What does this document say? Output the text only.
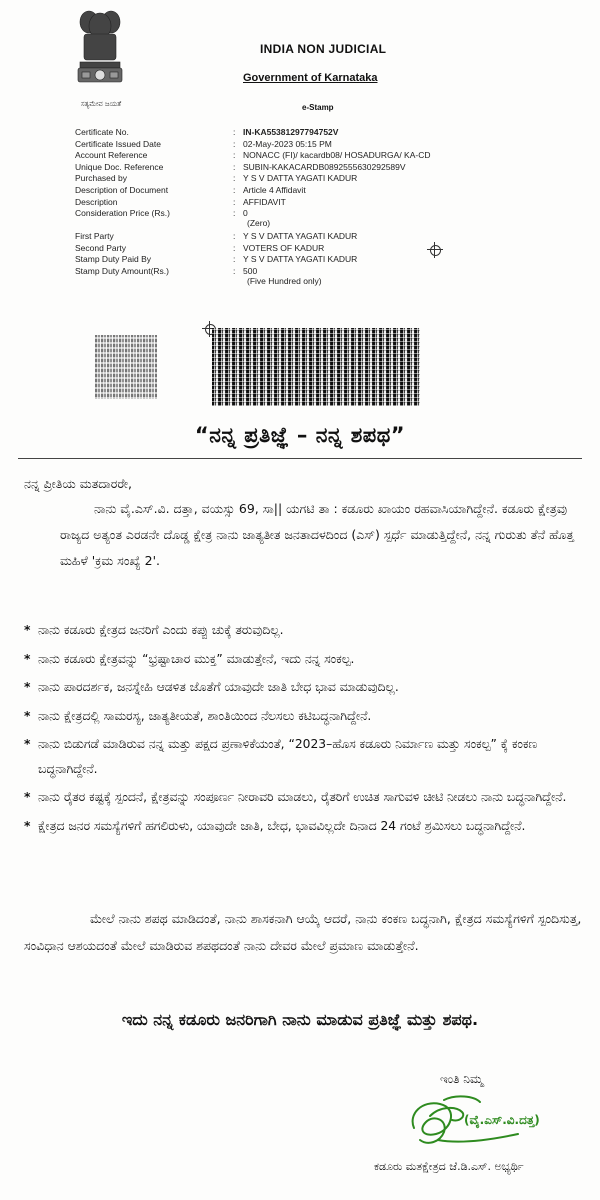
ಸತ್ಯಮೇವ ಜಯತೆ
INDIA NON JUDICIAL
Government of Karnataka
e-Stamp
Certificate No.	: IN-KA55381297794752V
Certificate Issued Date	: 02-May-2023 05:15 PM
Account Reference	: NONACC (FI)/ kacardb08/ HOSADURGA/ KA-CD
Unique Doc. Reference	: SUBIN-KAKACARDB0892555630292589V
Purchased by	: Y S V DATTA YAGATI KADUR
Description of Document	: Article 4 Affidavit
Description	: AFFIDAVIT
Consideration Price (Rs.)	: 0
(Zero)
First Party	: Y S V DATTA YAGATI KADUR
Second Party	: VOTERS OF KADUR
Stamp Duty Paid By	: Y S V DATTA YAGATI KADUR
Stamp Duty Amount(Rs.)	: 500
(Five Hundred only)
“ನನ್ನ ಪ್ರತಿಜ್ಞೆ – ನನ್ನ ಶಪಥ”
ನನ್ನ ಪ್ರೀತಿಯ ಮತದಾರರೇ,

ನಾನು ವೈ.ಎಸ್.ವಿ. ದತ್ತಾ, ವಯಸ್ಸು 69, ಸಾ|| ಯಗಟಿ ತಾ : ಕಡೂರು ಖಾಯಂ ರಹವಾಸಿಯಾಗಿದ್ದೇನೆ. ಕಡೂರು ಕ್ಷೇತ್ರವು ರಾಜ್ಯದ ಅತ್ಯಂತ ಎರಡನೇ ದೊಡ್ಡ ಕ್ಷೇತ್ರ ನಾನು ಜಾತ್ಯತೀತ ಜನತಾದಳದಿಂದ (ಎಸ್) ಸ್ಪರ್ಧೆ ಮಾಡುತ್ತಿದ್ದೇನೆ, ನನ್ನ ಗುರುತು ತೆನೆ ಹೊತ್ತ ಮಹಿಳೆ 'ಕ್ರಮ ಸಂಖ್ಯೆ 2'.

* ನಾನು ಕಡೂರು ಕ್ಷೇತ್ರದ ಜನರಿಗೆ ಎಂದು ಕಪ್ಪು ಚುಕ್ಕೆ ತರುವುದಿಲ್ಲ.
* ನಾನು ಕಡೂರು ಕ್ಷೇತ್ರವನ್ನು “ಭ್ರಷ್ಟಾಚಾರ ಮುಕ್ತ” ಮಾಡುತ್ತೇನೆ, ಇದು ನನ್ನ ಸಂಕಲ್ಪ.
* ನಾನು ಪಾರದರ್ಶಕ, ಜನಸ್ನೇಹಿ ಆಡಳಿತ ಜೊತೆಗೆ ಯಾವುದೇ ಜಾತಿ ಬೇಧ ಭಾವ ಮಾಡುವುದಿಲ್ಲ.
* ನಾನು ಕ್ಷೇತ್ರದಲ್ಲಿ ಸಾಮರಸ್ಯ, ಜಾತ್ಯತೀಯತೆ, ಶಾಂತಿಯಿಂದ ನೆಲಸಲು ಕಟಿಬದ್ಧನಾಗಿದ್ದೇನೆ.
* ನಾನು ಬಿಡುಗಡೆ ಮಾಡಿರುವ ನನ್ನ ಮತ್ತು ಪಕ್ಷದ ಪ್ರಣಾಳಿಕೆಯಂತೆ, “2023–ಹೊಸ ಕಡೂರು ನಿರ್ಮಾಣ ಮತ್ತು ಸಂಕಲ್ಪ” ಕ್ಕೆ ಕಂಕಣ ಬದ್ಧನಾಗಿದ್ದೇನೆ.
* ನಾನು ರೈತರ ಕಷ್ಟಕ್ಕೆ ಸ್ಪಂದನೆ, ಕ್ಷೇತ್ರವನ್ನು ಸಂಪೂರ್ಣ ನೀರಾವರಿ ಮಾಡಲು, ರೈತರಿಗೆ ಉಚಿತ ಸಾಗುವಳಿ ಚೀಟಿ ನೀಡಲು ನಾನು ಬದ್ಧನಾಗಿದ್ದೇನೆ.
* ಕ್ಷೇತ್ರದ ಜನರ ಸಮಸ್ಯೆಗಳಿಗೆ ಹಗಲಿರುಳು, ಯಾವುದೇ ಜಾತಿ, ಬೇಧ, ಭಾವವಿಲ್ಲದೇ ದಿನಾದ 24 ಗಂಟೆ ಶ್ರಮಿಸಲು ಬದ್ಧನಾಗಿದ್ದೇನೆ.

ಮೇಲೆ ನಾನು ಶಪಥ ಮಾಡಿದಂತೆ, ನಾನು ಶಾಸಕನಾಗಿ ಆಯ್ಕೆ ಆದರೆ, ನಾನು ಕಂಕಣ ಬದ್ಧನಾಗಿ, ಕ್ಷೇತ್ರದ ಸಮಸ್ಯೆಗಳಿಗೆ ಸ್ಪಂದಿಸುತ್ತ, ಸಂವಿಧಾನ ಆಶಯದಂತೆ ಮೇಲೆ ಮಾಡಿರುವ ಶಪಥದಂತೆ ನಾನು ದೇವರ ಮೇಲೆ ಪ್ರಮಾಣ ಮಾಡುತ್ತೇನೆ.

ಇದು ನನ್ನ ಕಡೂರು ಜನರಿಗಾಗಿ ನಾನು ಮಾಡುವ ಪ್ರತಿಜ್ಞೆ ಮತ್ತು ಶಪಥ.
ಇಂತಿ ನಿಮ್ಮ
(ವೈ.ಎಸ್.ವಿ.ದತ್ತ)
ಕಡೂರು ಮತಕ್ಷೇತ್ರದ ಜೆ.ಡಿ.ಎಸ್. ಅಭ್ಯರ್ಥಿ
